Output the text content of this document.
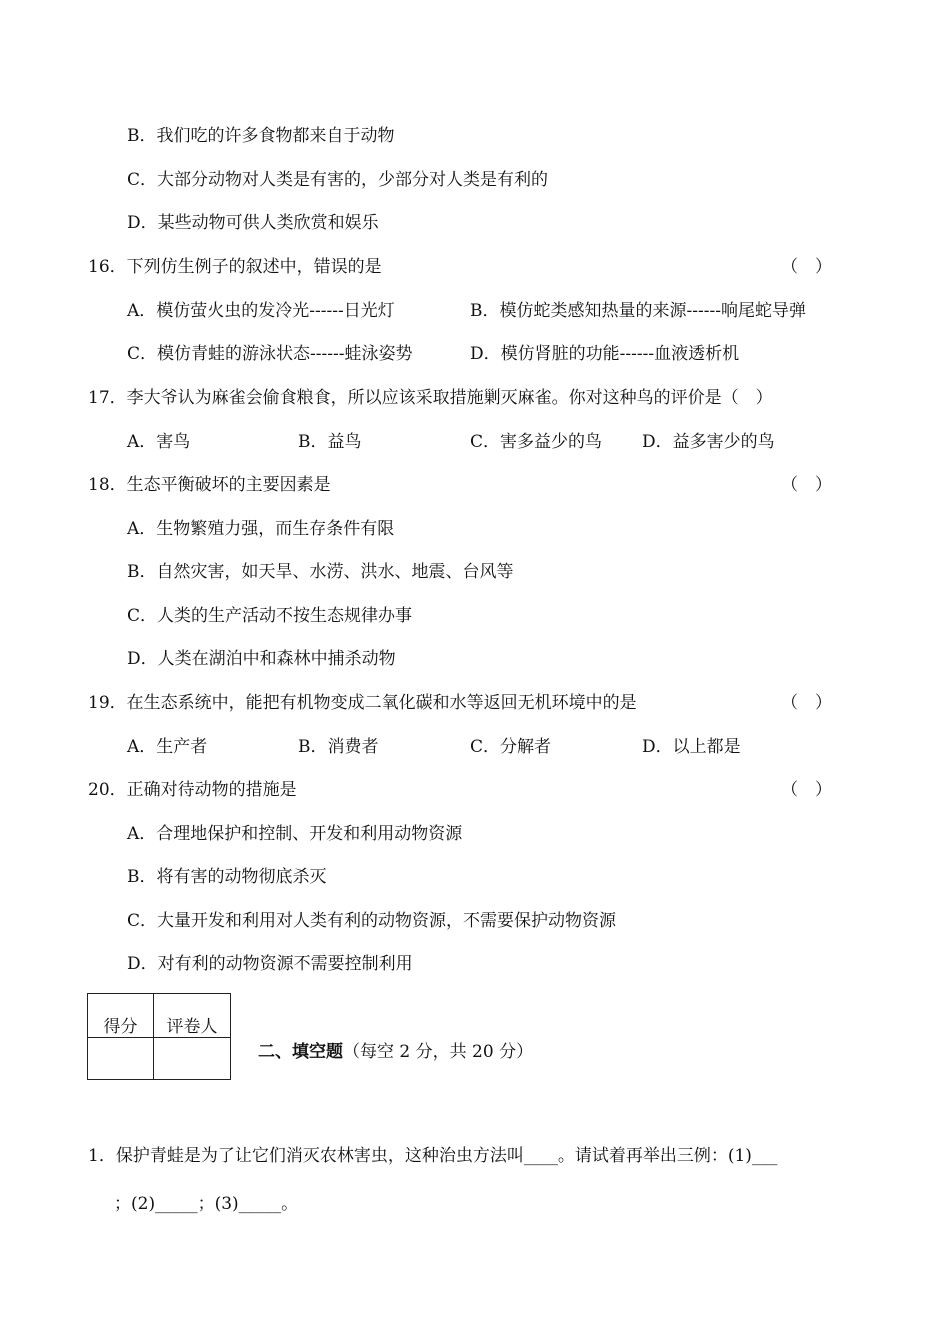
B．我们吃的许多食物都来自于动物
C．大部分动物对人类是有害的，少部分对人类是有利的
D．某些动物可供人类欣赏和娱乐
16．下列仿生例子的叙述中，错误的是	（　）
A．模仿萤火虫的发冷光------日光灯	B．模仿蛇类感知热量的来源------响尾蛇导弹
C．模仿青蛙的游泳状态------蛙泳姿势	D．模仿肾脏的功能------血液透析机
17．李大爷认为麻雀会偷食粮食，所以应该采取措施剿灭麻雀。你对这种鸟的评价是（　）
A．害鸟	B．益鸟	C．害多益少的鸟 D．益多害少的鸟
18．生态平衡破坏的主要因素是	（　）
A．生物繁殖力强，而生存条件有限
B．自然灾害，如天旱、水涝、洪水、地震、台风等
C．人类的生产活动不按生态规律办事
D．人类在湖泊中和森林中捕杀动物
19．在生态系统中，能把有机物变成二氧化碳和水等返回无机环境中的是	（　）
A．生产者	B．消费者	C．分解者	D．以上都是
20．正确对待动物的措施是	（　）
A．合理地保护和控制、开发和利用动物资源
B．将有害的动物彻底杀灭
C．大量开发和利用对人类有利的动物资源，不需要保护动物资源
D．对有利的动物资源不需要控制利用
得分	评卷人

二、填空题（每空 2 分，共 20 分）
1．保护青蛙是为了让它们消灭农林害虫，这种治虫方法叫____。请试着再举出三例：(1)___
；(2)_____；(3)_____。
